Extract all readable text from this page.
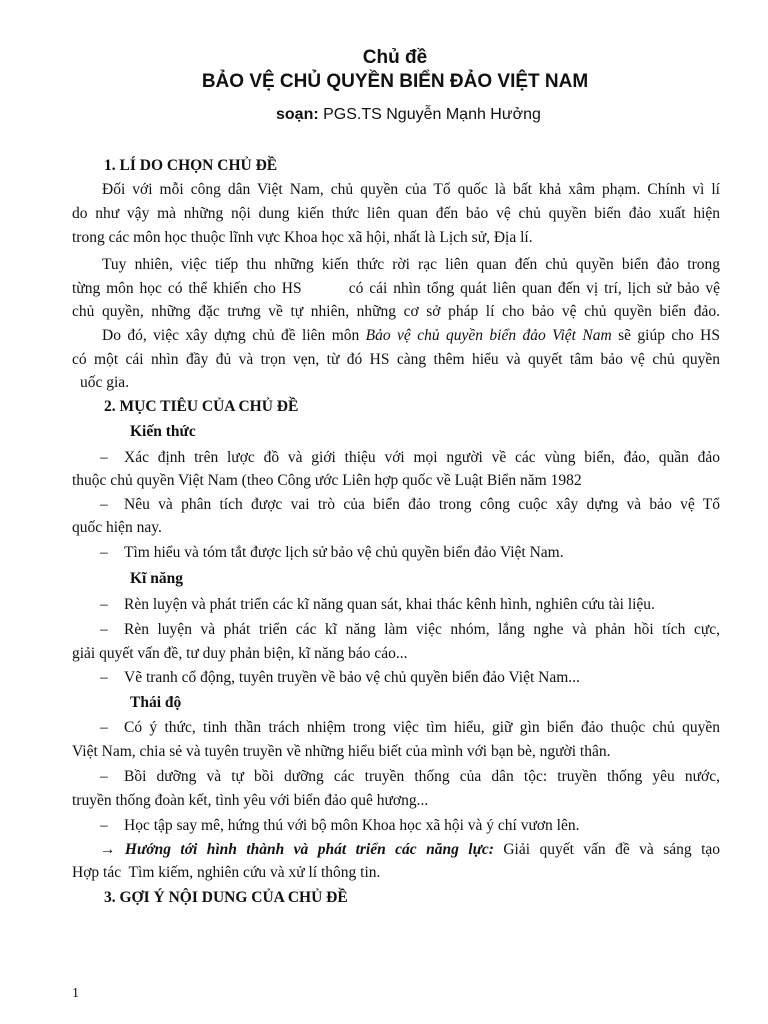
Chủ đề
BẢO VỆ CHỦ QUYỀN BIỂN ĐẢO VIỆT NAM
soạn: PGS.TS Nguyễn Mạnh Hưởng
1. LÍ DO CHỌN CHỦ ĐỀ
Đối với mỗi công dân Việt Nam, chủ quyền của Tổ quốc là bất khả xâm phạm. Chính vì lí
do như vậy mà những nội dung kiến thức liên quan đến bảo vệ chủ quyền biển đảo xuất hiện
trong các môn học thuộc lĩnh vực Khoa học xã hội, nhất là Lịch sử, Địa lí.
Tuy nhiên, việc tiếp thu những kiến thức rời rạc liên quan đến chủ quyền biển đảo trong
từng môn học có thể khiến cho HS        có cái nhìn tổng quát liên quan đến vị trí, lịch sử bảo vệ
chủ quyền, những đặc trưng về tự nhiên, những cơ sở pháp lí cho bảo vệ chủ quyền biển đảo.
Do đó, việc xây dựng chủ đề liên môn Bảo vệ chủ quyền biển đảo Việt Nam sẽ giúp cho HS
có một cái nhìn đầy đủ và trọn vẹn, từ đó HS càng thêm hiểu và quyết tâm bảo vệ chủ quyền
uốc gia.
2. MỤC TIÊU CỦA CHỦ ĐỀ
Kiến thức
–	Xác định trên lược đồ và giới thiệu với mọi người về các vùng biển, đảo, quần đảo
thuộc chủ quyền Việt Nam (theo Công ước Liên hợp quốc về Luật Biển năm 1982
–	Nêu và phân tích được vai trò của biển đảo trong công cuộc xây dựng và bảo vệ Tổ
quốc hiện nay.
–	Tìm hiểu và tóm tắt được lịch sử bảo vệ chủ quyền biển đảo Việt Nam.
Kĩ năng
–	Rèn luyện và phát triển các kĩ năng quan sát, khai thác kênh hình, nghiên cứu tài liệu.
–	Rèn luyện và phát triển các kĩ năng làm việc nhóm, lắng nghe và phản hồi tích cực,
giải quyết vấn đề, tư duy phản biện, kĩ năng báo cáo...
–	Vẽ tranh cổ động, tuyên truyền về bảo vệ chủ quyền biển đảo Việt Nam...
Thái độ
–	Có ý thức, tinh thần trách nhiệm trong việc tìm hiểu, giữ gìn biển đảo thuộc chủ quyền
Việt Nam, chia sẻ và tuyên truyền về những hiểu biết của mình với bạn bè, người thân.
–	Bồi dưỡng và tự bồi dưỡng các truyền thống của dân tộc: truyền thống yêu nước,
truyền thống đoàn kết, tình yêu với biển đảo quê hương...
–	Học tập say mê, hứng thú với bộ môn Khoa học xã hội và ý chí vươn lên.
→ Hướng tới hình thành và phát triển các năng lực: Giải quyết vấn đề và sáng tạo
Hợp tác  Tìm kiếm, nghiên cứu và xử lí thông tin.
3. GỢI Ý NỘI DUNG CỦA CHỦ ĐỀ
1
